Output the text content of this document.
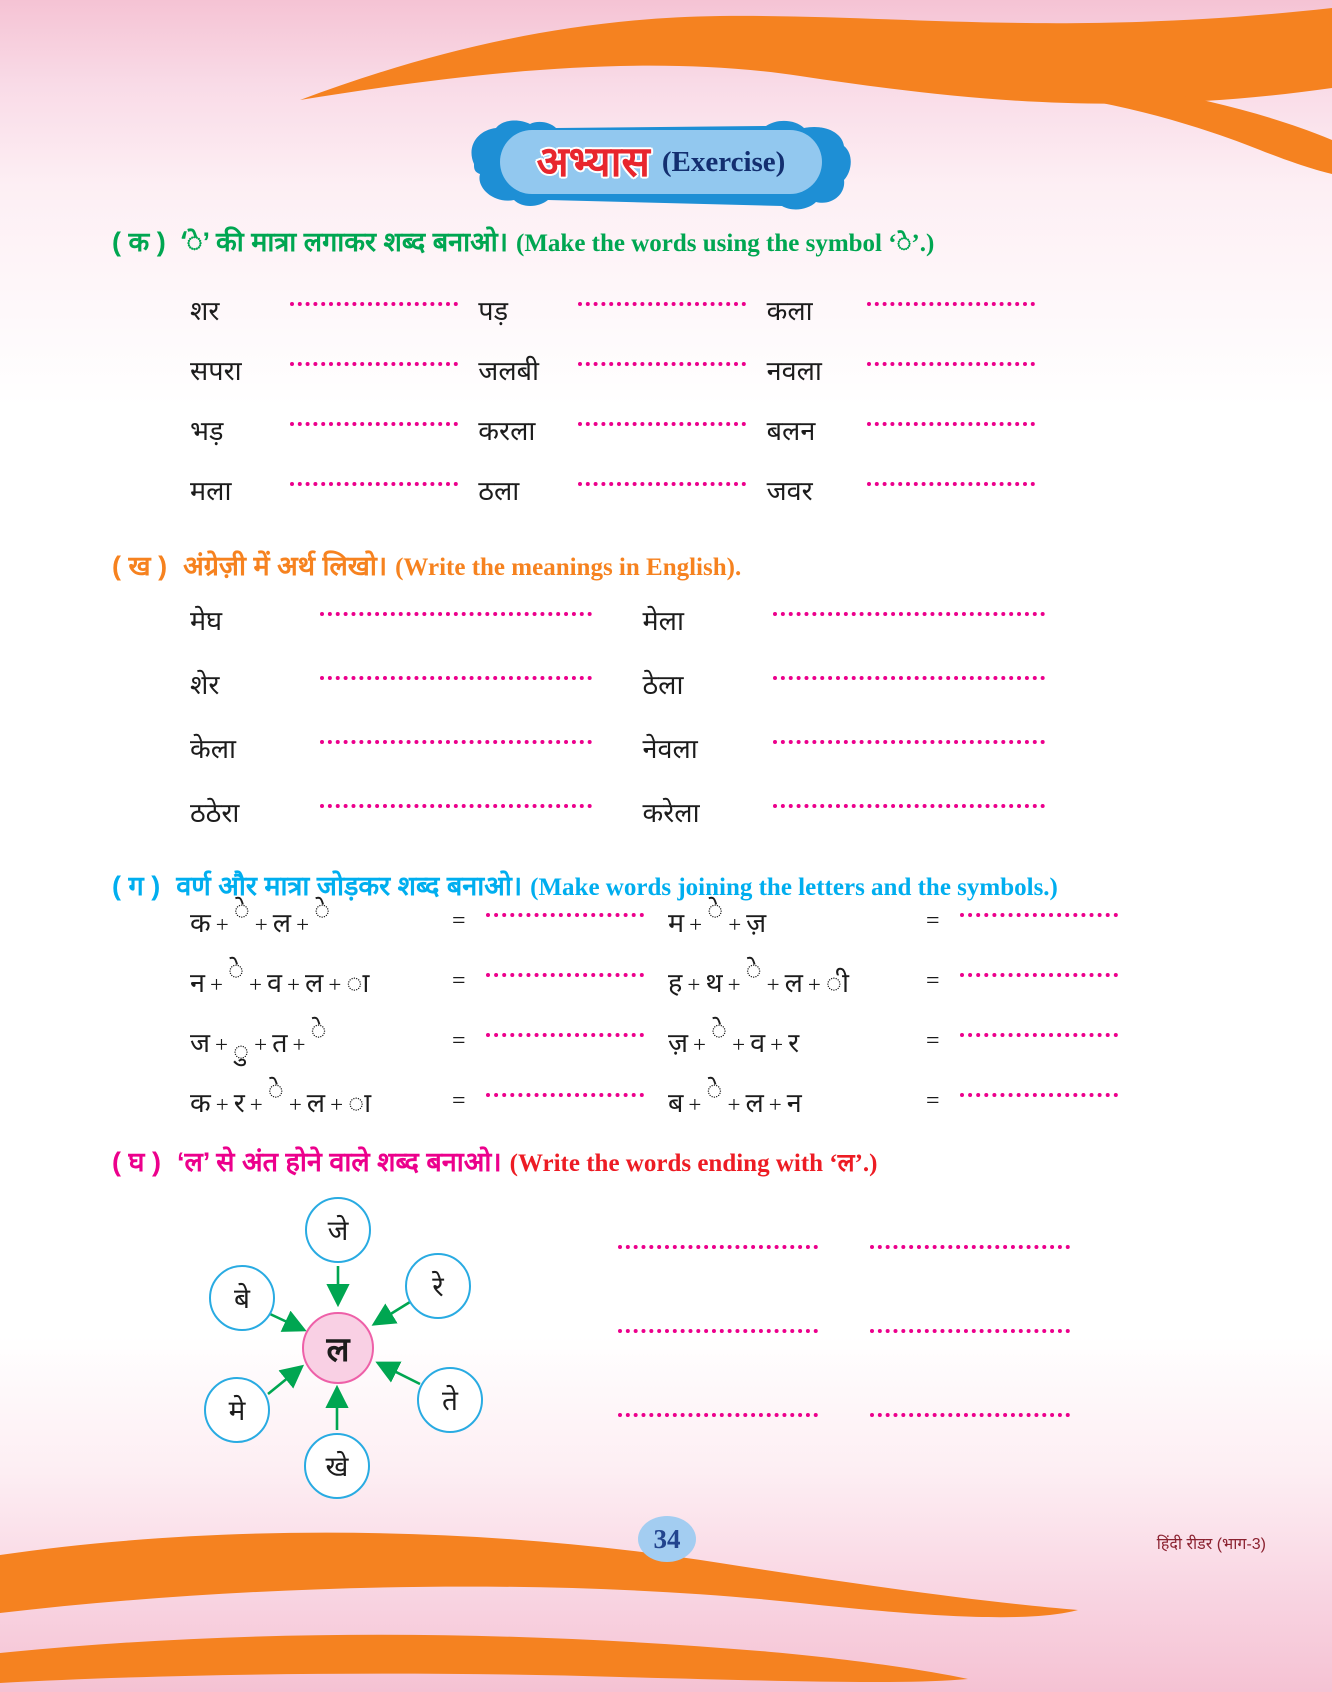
अभ्यास (Exercise)
( क ) ‘े’ की मात्रा लगाकर शब्द बनाओ। (Make the words using the symbol ‘े’.)
शर	पड़	कला
सपरा	जलबी	नवला
भड़	करला	बलन
मला	ठला	जवर
( ख ) अंग्रेज़ी में अर्थ लिखो। (Write the meanings in English).
मेघ	मेला
शेर	ठेला
केला	नेवला
ठठेरा	करेला
( ग ) वर्ण और मात्रा जोड़कर शब्द बनाओ। (Make words joining the letters and the symbols.)
क + े + ल + े	=	म + े + ज़	=
न + े + व + ल + ा	=	ह + थ + े + ल + ी	=
ज + ु + त + े	=	ज़ + े + व + र	=
क + र + े + ल + ा	=	ब + े + ल + न	=
( घ ) ‘ल’ से अंत होने वाले शब्द बनाओ। (Write the words ending with ‘ल’.)
जे
रे
बे
ते
मे
खे
ल
34	हिंदी रीडर (भाग-3)
